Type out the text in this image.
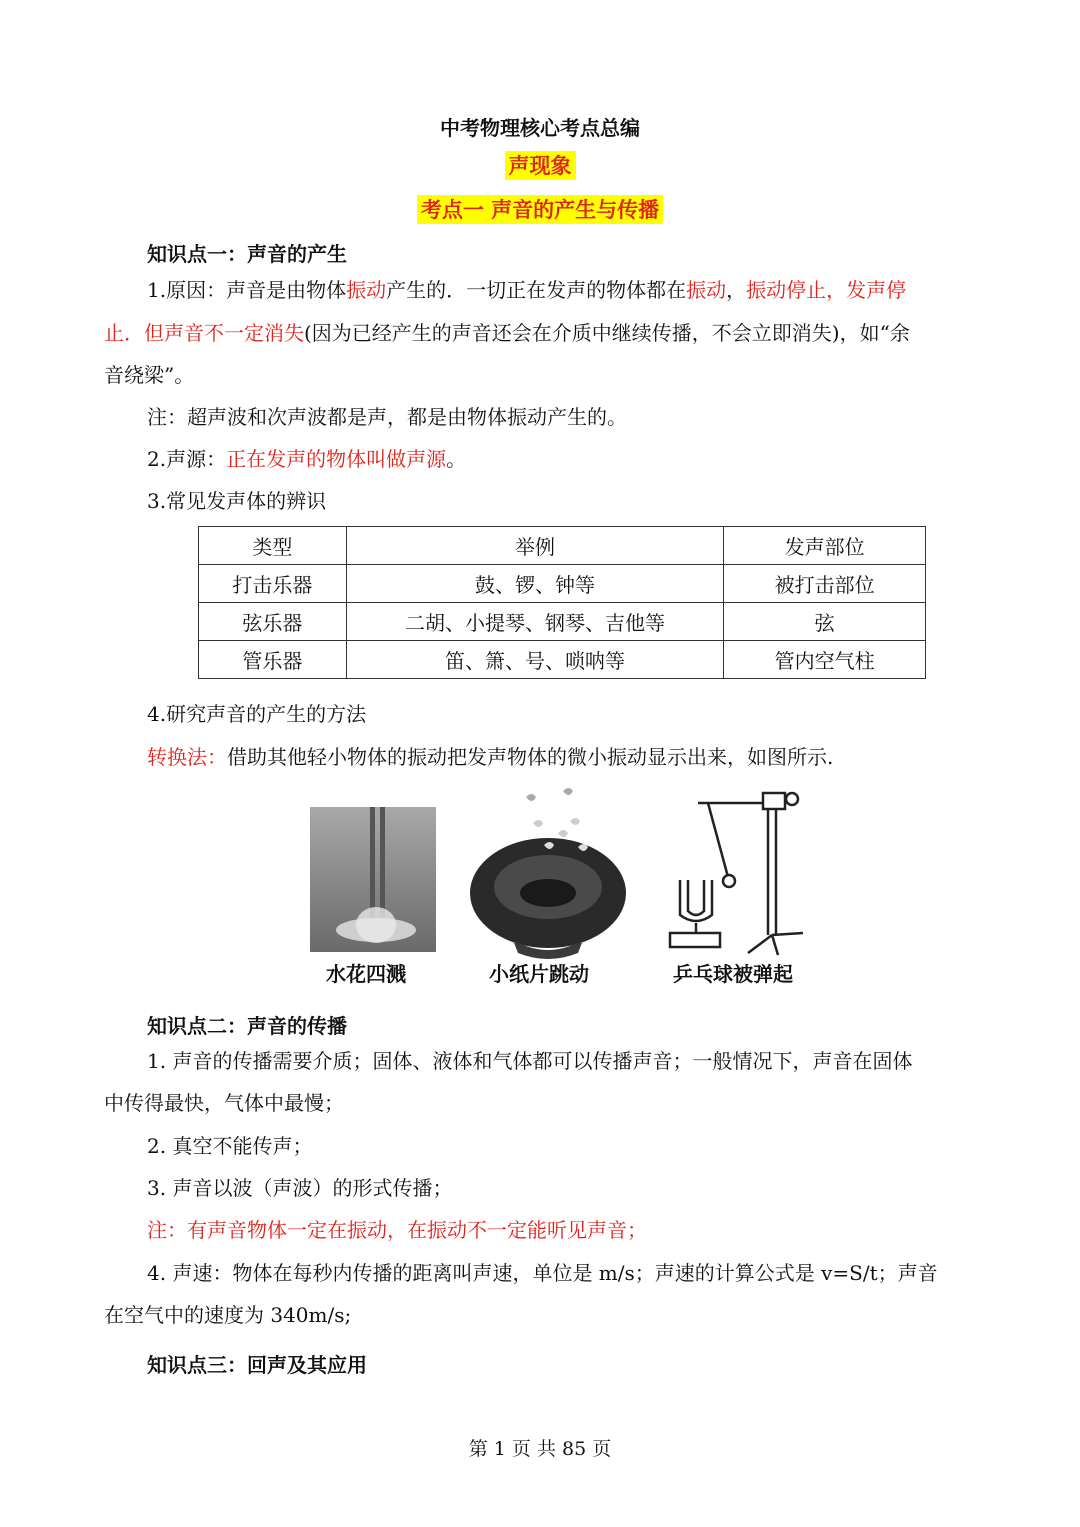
中考物理核心考点总编
声现象
考点一 声音的产生与传播
知识点一：声音的产生
1.原因：声音是由物体振动产生的．一切正在发声的物体都在振动，振动停止，发声停
止．但声音不一定消失(因为已经产生的声音还会在介质中继续传播，不会立即消失)，如“余
音绕梁”。
注：超声波和次声波都是声，都是由物体振动产生的。
2.声源：正在发声的物体叫做声源。
3.常见发声体的辨识
类型	举例	发声部位
打击乐器	鼓、锣、钟等	被打击部位
弦乐器	二胡、小提琴、钢琴、吉他等	弦
管乐器	笛、箫、号、唢呐等	管内空气柱
4.研究声音的产生的方法
转换法：借助其他轻小物体的振动把发声物体的微小振动显示出来，如图所示.
水花四溅	小纸片跳动	乒乓球被弹起
知识点二：声音的传播
1. 声音的传播需要介质；固体、液体和气体都可以传播声音；一般情况下，声音在固体
中传得最快，气体中最慢；
2. 真空不能传声；
3. 声音以波（声波）的形式传播；
注：有声音物体一定在振动，在振动不一定能听见声音；
4. 声速：物体在每秒内传播的距离叫声速，单位是 m/s；声速的计算公式是 v=S/t；声音
在空气中的速度为 340m/s;
知识点三：回声及其应用
第 1 页 共 85 页
